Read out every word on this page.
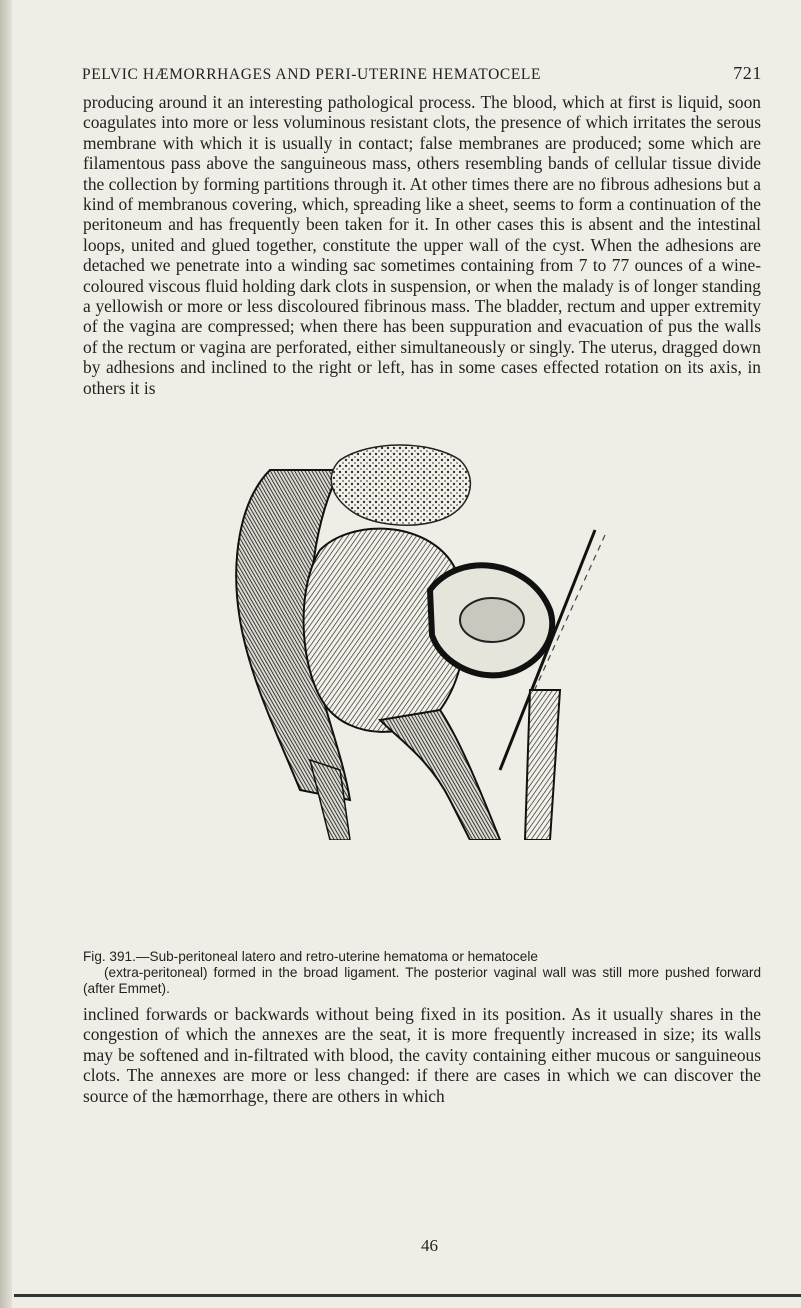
PELVIC HÆMORRHAGES AND PERI-UTERINE HEMATOCELE	721

producing around it an interesting pathological process. The blood, which at first is liquid, soon coagulates into more or less voluminous resistant clots, the presence of which irritates the serous membrane with which it is usually in contact; false membranes are produced; some which are filamentous pass above the sanguineous mass, others resembling bands of cellular tissue divide the collection by forming partitions through it. At other times there are no fibrous adhesions but a kind of membranous covering, which, spreading like a sheet, seems to form a continuation of the peritoneum and has frequently been taken for it. In other cases this is absent and the intestinal loops, united and glued together, constitute the upper wall of the cyst. When the adhesions are detached we penetrate into a winding sac sometimes containing from 7 to 77 ounces of a wine-coloured viscous fluid holding dark clots in suspension, or when the malady is of longer standing a yellowish or more or less discoloured fibrinous mass. The bladder, rectum and upper extremity of the vagina are compressed; when there has been suppuration and evacuation of pus the walls of the rectum or vagina are perforated, either simultaneously or singly. The uterus, dragged down by adhesions and inclined to the right or left, has in some cases effected rotation on its axis, in others it is

Fig. 391.—Sub-peritoneal latero and retro-uterine hematoma or hematocele
(extra-peritoneal) formed in the broad ligament. The posterior vaginal wall was still more pushed forward (after Emmet).

inclined forwards or backwards without being fixed in its position. As it usually shares in the congestion of which the annexes are the seat, it is more frequently increased in size; its walls may be softened and in-filtrated with blood, the cavity containing either mucous or sanguineous clots. The annexes are more or less changed: if there are cases in which we can discover the source of the hæmorrhage, there are others in which

46
